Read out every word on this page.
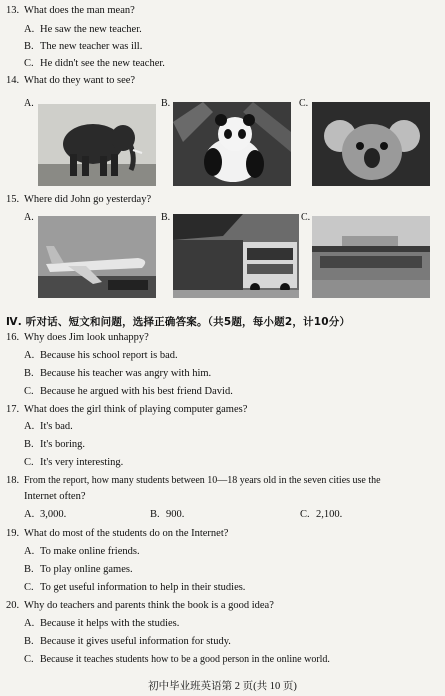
13. What does the man mean?
A. He saw the new teacher.
B. The new teacher was ill.
C. He didn't see the new teacher.
14. What do they want to see?
A.	B.	C.
15. Where did John go yesterday?
A.	B.	C.
Ⅳ. 听对话、短文和问题，选择正确答案。（共5题，每小题2，计10分）
16. Why does Jim look unhappy?
A. Because his school report is bad.
B. Because his teacher was angry with him.
C. Because he argued with his best friend David.
17. What does the girl think of playing computer games?
A. It's bad.
B. It's boring.
C. It's very interesting.
18. From the report, how many students between 10—18 years old in the seven cities use the
Internet often?
A. 3,000.	B. 900.	C. 2,100.
19. What do most of the students do on the Internet?
A. To make online friends.
B. To play online games.
C. To get useful information to help in their studies.
20. Why do teachers and parents think the book is a good idea?
A. Because it helps with the studies.
B. Because it gives useful information for study.
C. Because it teaches students how to be a good person in the online world.
初中毕业班英语第 2 页(共 10 页)
